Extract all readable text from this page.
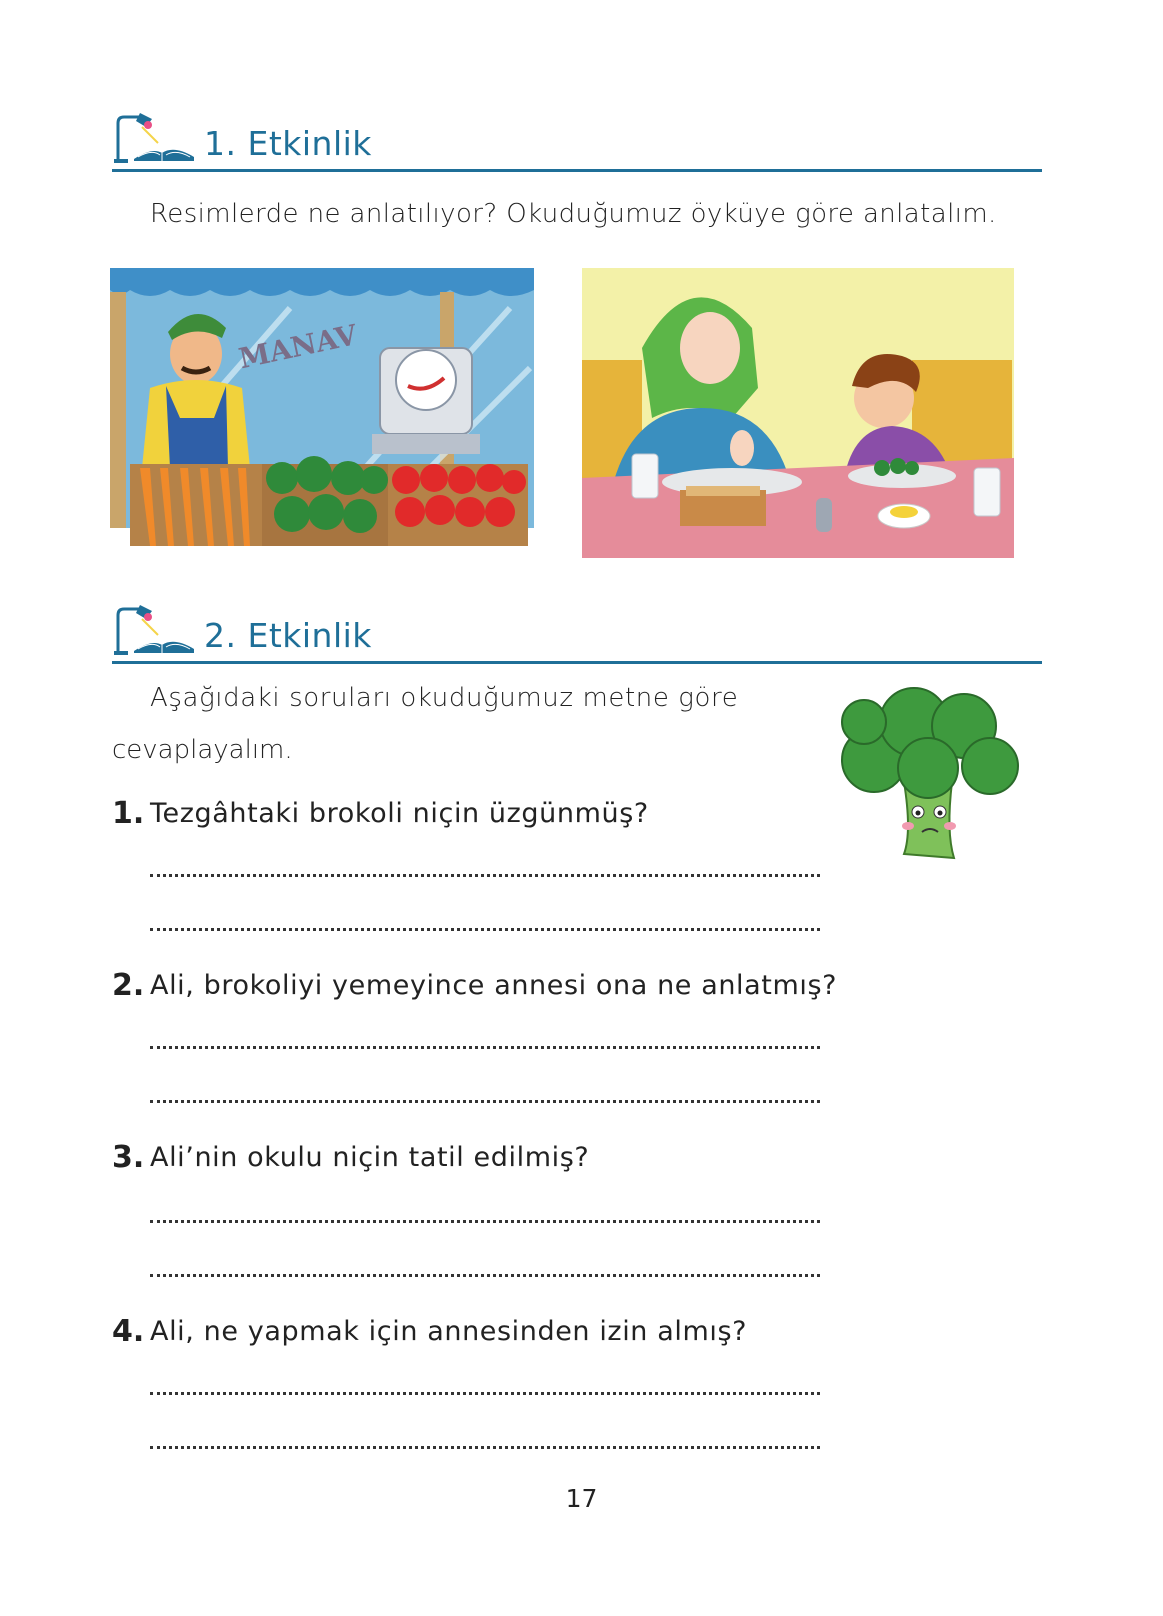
1. Etkinlik
Resimlerde ne anlatılıyor? Okuduğumuz öyküye göre anlatalım.
MANAV
2. Etkinlik
Aşağıdaki soruları okuduğumuz metne göre
cevaplayalım.
1. Tezgâhtaki brokoli niçin üzgünmüş?
2. Ali, brokoliyi yemeyince annesi ona ne anlatmış?
3. Ali’nin okulu niçin tatil edilmiş?
4. Ali, ne yapmak için annesinden izin almış?
17
